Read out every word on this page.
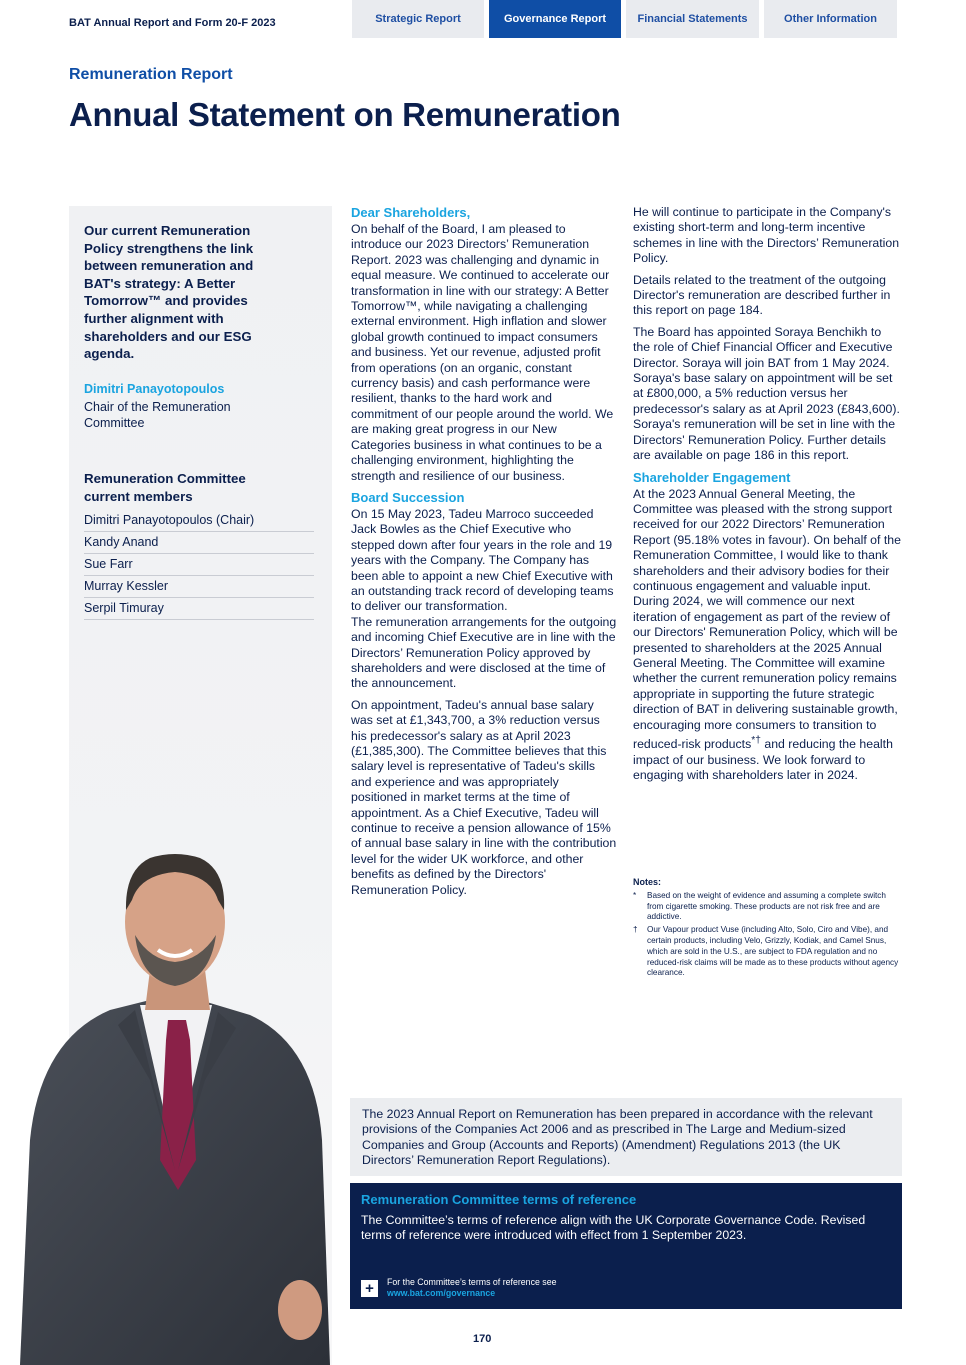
BAT Annual Report and Form 20-F 2023	Strategic Report	Governance Report	Financial Statements	Other Information
Remuneration Report
Annual Statement on Remuneration
Our current Remuneration Policy strengthens the link between remuneration and BAT's strategy: A Better Tomorrow™ and provides further alignment with shareholders and our ESG agenda.
Dimitri Panayotopoulos
Chair of the Remuneration Committee
Remuneration Committee current members
Dimitri Panayotopoulos (Chair)
Kandy Anand
Sue Farr
Murray Kessler
Serpil Timuray
Dear Shareholders,

On behalf of the Board, I am pleased to introduce our 2023 Directors’ Remuneration Report. 2023 was challenging and dynamic in equal measure. We continued to accelerate our transformation in line with our strategy: A Better Tomorrow™, while navigating a challenging external environment. High inflation and slower global growth continued to impact consumers and business. Yet our revenue, adjusted profit from operations (on an organic, constant currency basis) and cash performance were resilient, thanks to the hard work and commitment of our people around the world. We are making great progress in our New Categories business in what continues to be a challenging environment, highlighting the strength and resilience of our business.

Board Succession

On 15 May 2023, Tadeu Marroco succeeded Jack Bowles as the Chief Executive who stepped down after four years in the role and 19 years with the Company. The Company has been able to appoint a new Chief Executive with an outstanding track record of developing teams to deliver our transformation.

The remuneration arrangements for the outgoing and incoming Chief Executive are in line with the Directors’ Remuneration Policy approved by shareholders and were disclosed at the time of the announcement.

On appointment, Tadeu's annual base salary was set at £1,343,700, a 3% reduction versus his predecessor's salary as at April 2023 (£1,385,300). The Committee believes that this salary level is representative of Tadeu's skills and experience and was appropriately positioned in market terms at the time of appointment. As a Chief Executive, Tadeu will continue to receive a pension allowance of 15% of annual base salary in line with the contribution level for the wider UK workforce, and other benefits as defined by the Directors' Remuneration Policy.

He will continue to participate in the Company's existing short-term and long-term incentive schemes in line with the Directors’ Remuneration Policy.

Details related to the treatment of the outgoing Director's remuneration are described further in this report on page 184.

The Board has appointed Soraya Benchikh to the role of Chief Financial Officer and Executive Director. Soraya will join BAT from 1 May 2024. Soraya's base salary on appointment will be set at £800,000, a 5% reduction versus her predecessor's salary as at April 2023 (£843,600). Soraya's remuneration will be set in line with the Directors' Remuneration Policy. Further details are available on page 186 in this report.

Shareholder Engagement

At the 2023 Annual General Meeting, the Committee was pleased with the strong support received for our 2022 Directors’ Remuneration Report (95.18% votes in favour). On behalf of the Remuneration Committee, I would like to thank shareholders and their advisory bodies for their continuous engagement and valuable input. During 2024, we will commence our next iteration of engagement as part of the review of our Directors' Remuneration Policy, which will be presented to shareholders at the 2025 Annual General Meeting. The Committee will examine whether the current remuneration policy remains appropriate in supporting the future strategic direction of BAT in delivering sustainable growth, encouraging more consumers to transition to reduced-risk products*† and reducing the health impact of our business. We look forward to engaging with shareholders later in 2024.

Notes:
* Based on the weight of evidence and assuming a complete switch from cigarette smoking. These products are not risk free and are addictive.
† Our Vapour product Vuse (including Alto, Solo, Ciro and Vibe), and certain products, including Velo, Grizzly, Kodiak, and Camel Snus, which are sold in the U.S., are subject to FDA regulation and no reduced-risk claims will be made as to these products without agency clearance.
The 2023 Annual Report on Remuneration has been prepared in accordance with the relevant provisions of the Companies Act 2006 and as prescribed in The Large and Medium-sized Companies and Group (Accounts and Reports) (Amendment) Regulations 2013 (the UK Directors’ Remuneration Report Regulations).
Remuneration Committee terms of reference
The Committee’s terms of reference align with the UK Corporate Governance Code. Revised terms of reference were introduced with effect from 1 September 2023.
+	For the Committee’s terms of reference see
www.bat.com/governance
170
